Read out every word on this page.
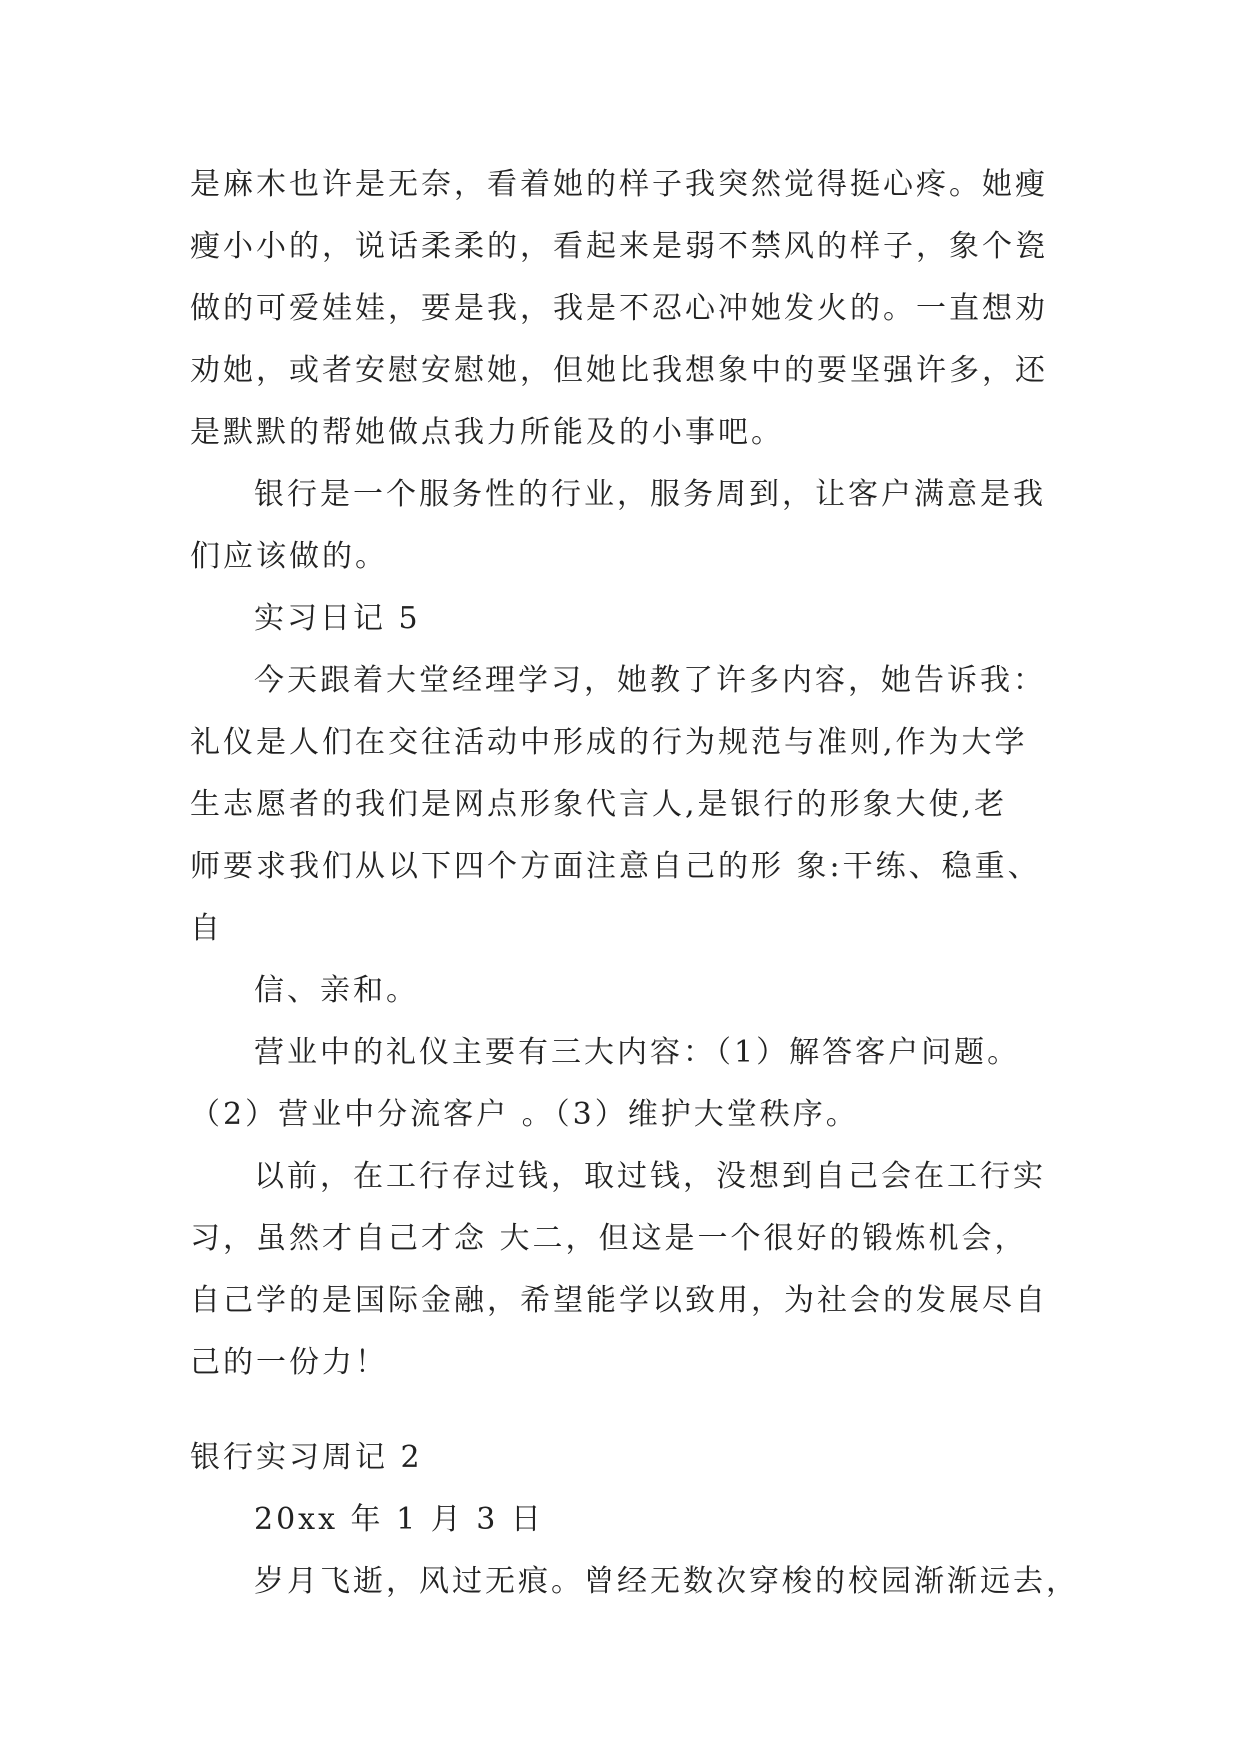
是麻木也许是无奈，看着她的样子我突然觉得挺心疼。她瘦
瘦小小的，说话柔柔的，看起来是弱不禁风的样子，象个瓷
做的可爱娃娃，要是我，我是不忍心冲她发火的。一直想劝
劝她，或者安慰安慰她，但她比我想象中的要坚强许多，还
是默默的帮她做点我力所能及的小事吧。
银行是一个服务性的行业，服务周到，让客户满意是我
们应该做的。
实习日记 5
今天跟着大堂经理学习，她教了许多内容，她告诉我：
礼仪是人们在交往活动中形成的行为规范与准则,作为大学
生志愿者的我们是网点形象代言人,是银行的形象大使,老
师要求我们从以下四个方面注意自己的形 象:干练、稳重、
自
信、亲和。
营业中的礼仪主要有三大内容：（1）解答客户问题。
（2）营业中分流客户 。（3）维护大堂秩序。
以前，在工行存过钱，取过钱，没想到自己会在工行实
习，虽然才自己才念 大二，但这是一个很好的锻炼机会，
自己学的是国际金融，希望能学以致用，为社会的发展尽自
己的一份力！
银行实习周记 2
20xx 年 1 月 3 日
岁月飞逝，风过无痕。曾经无数次穿梭的校园渐渐远去，
